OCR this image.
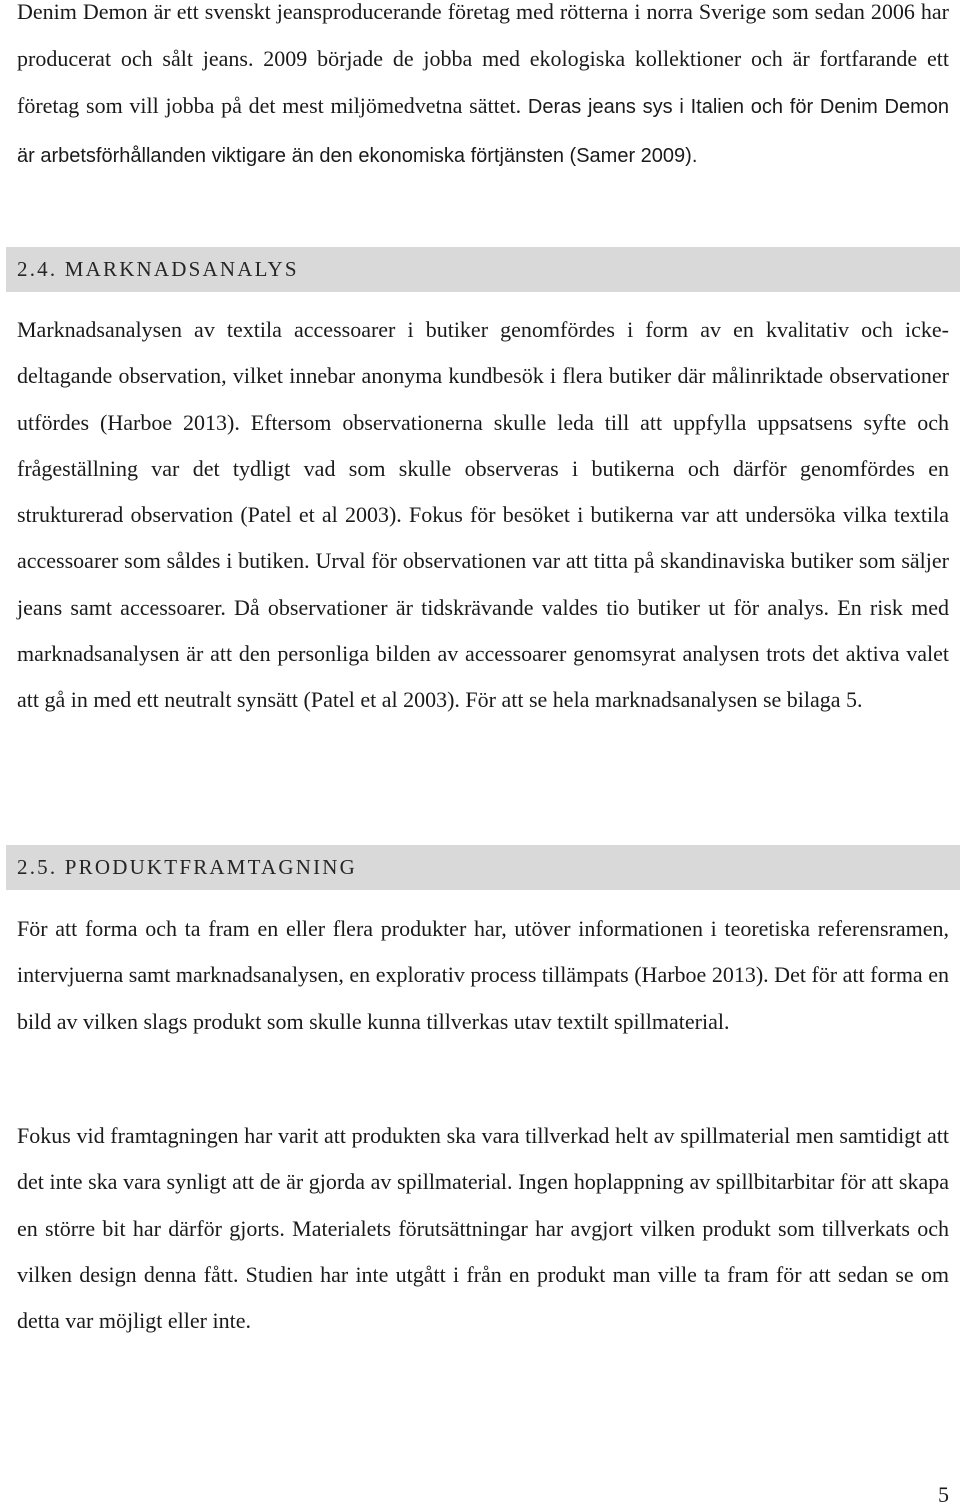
Denim Demon är ett svenskt jeansproducerande företag med rötterna i norra Sverige som sedan 2006 har producerat och sålt jeans. 2009 började de jobba med ekologiska kollektioner och är fortfarande ett företag som vill jobba på det mest miljömedvetna sättet. Deras jeans sys i Italien och för Denim Demon är arbetsförhållanden viktigare än den ekonomiska förtjänsten (Samer 2009).

2.4. MARKNADSANALYS

Marknadsanalysen av textila accessoarer i butiker genomfördes i form av en kvalitativ och icke-deltagande observation, vilket innebar anonyma kundbesök i flera butiker där målinriktade observationer utfördes (Harboe 2013). Eftersom observationerna skulle leda till att uppfylla uppsatsens syfte och frågeställning var det tydligt vad som skulle observeras i butikerna och därför genomfördes en strukturerad observation (Patel et al 2003). Fokus för besöket i butikerna var att undersöka vilka textila accessoarer som såldes i butiken. Urval för observationen var att titta på skandinaviska butiker som säljer jeans samt accessoarer. Då observationer är tidskrävande valdes tio butiker ut för analys. En risk med marknadsanalysen är att den personliga bilden av accessoarer genomsyrat analysen trots det aktiva valet att gå in med ett neutralt synsätt (Patel et al 2003). För att se hela marknadsanalysen se bilaga 5.

2.5. PRODUKTFRAMTAGNING

För att forma och ta fram en eller flera produkter har, utöver informationen i teoretiska referensramen, intervjuerna samt marknadsanalysen, en explorativ process tillämpats (Harboe 2013). Det för att forma en bild av vilken slags produkt som skulle kunna tillverkas utav textilt spillmaterial.

Fokus vid framtagningen har varit att produkten ska vara tillverkad helt av spillmaterial men samtidigt att det inte ska vara synligt att de är gjorda av spillmaterial. Ingen hoplappning av spillbitarbitar för att skapa en större bit har därför gjorts. Materialets förutsättningar har avgjort vilken produkt som tillverkats och vilken design denna fått. Studien har inte utgått i från en produkt man ville ta fram för att sedan se om detta var möjligt eller inte.

5
